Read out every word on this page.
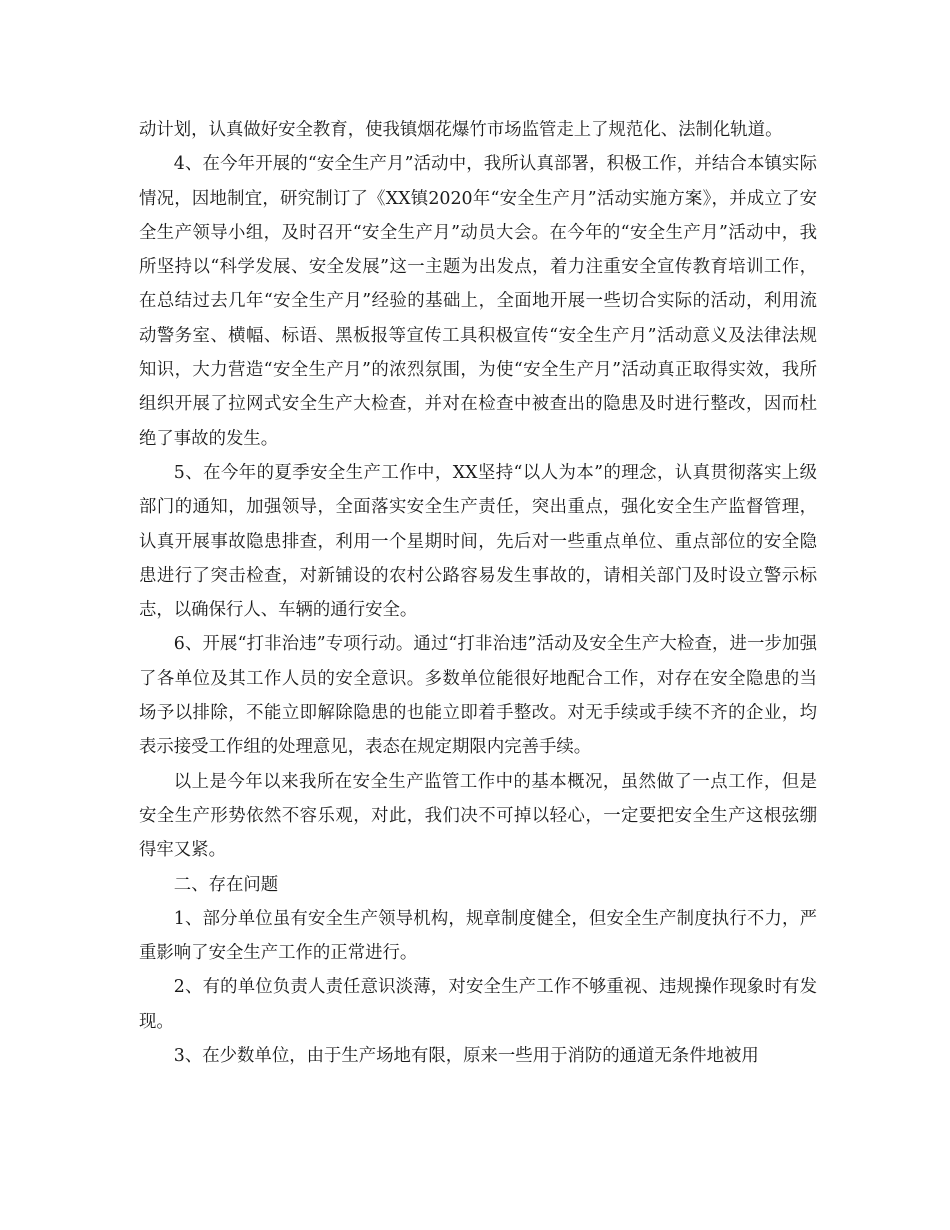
动计划，认真做好安全教育，使我镇烟花爆竹市场监管走上了规范化、法制化轨道。

4、在今年开展的“安全生产月”活动中，我所认真部署，积极工作，并结合本镇实际情况，因地制宜，研究制订了《XX镇2020年“安全生产月”活动实施方案》，并成立了安全生产领导小组，及时召开“安全生产月”动员大会。在今年的“安全生产月”活动中，我所坚持以“科学发展、安全发展”这一主题为出发点，着力注重安全宣传教育培训工作，在总结过去几年“安全生产月”经验的基础上，全面地开展一些切合实际的活动，利用流动警务室、横幅、标语、黑板报等宣传工具积极宣传“安全生产月”活动意义及法律法规知识，大力营造“安全生产月”的浓烈氛围，为使“安全生产月”活动真正取得实效，我所组织开展了拉网式安全生产大检查，并对在检查中被查出的隐患及时进行整改，因而杜绝了事故的发生。

5、在今年的夏季安全生产工作中，XX坚持“以人为本”的理念，认真贯彻落实上级部门的通知，加强领导，全面落实安全生产责任，突出重点，强化安全生产监督管理，认真开展事故隐患排查，利用一个星期时间，先后对一些重点单位、重点部位的安全隐患进行了突击检查，对新铺设的农村公路容易发生事故的，请相关部门及时设立警示标志，以确保行人、车辆的通行安全。

6、开展“打非治违”专项行动。通过“打非治违”活动及安全生产大检查，进一步加强了各单位及其工作人员的安全意识。多数单位能很好地配合工作，对存在安全隐患的当场予以排除，不能立即解除隐患的也能立即着手整改。对无手续或手续不齐的企业，均表示接受工作组的处理意见，表态在规定期限内完善手续。

以上是今年以来我所在安全生产监管工作中的基本概况，虽然做了一点工作，但是安全生产形势依然不容乐观，对此，我们决不可掉以轻心，一定要把安全生产这根弦绷得牢又紧。

二、存在问题

1、部分单位虽有安全生产领导机构，规章制度健全，但安全生产制度执行不力，严重影响了安全生产工作的正常进行。

2、有的单位负责人责任意识淡薄，对安全生产工作不够重视、违规操作现象时有发现。

3、在少数单位，由于生产场地有限，原来一些用于消防的通道无条件地被用
